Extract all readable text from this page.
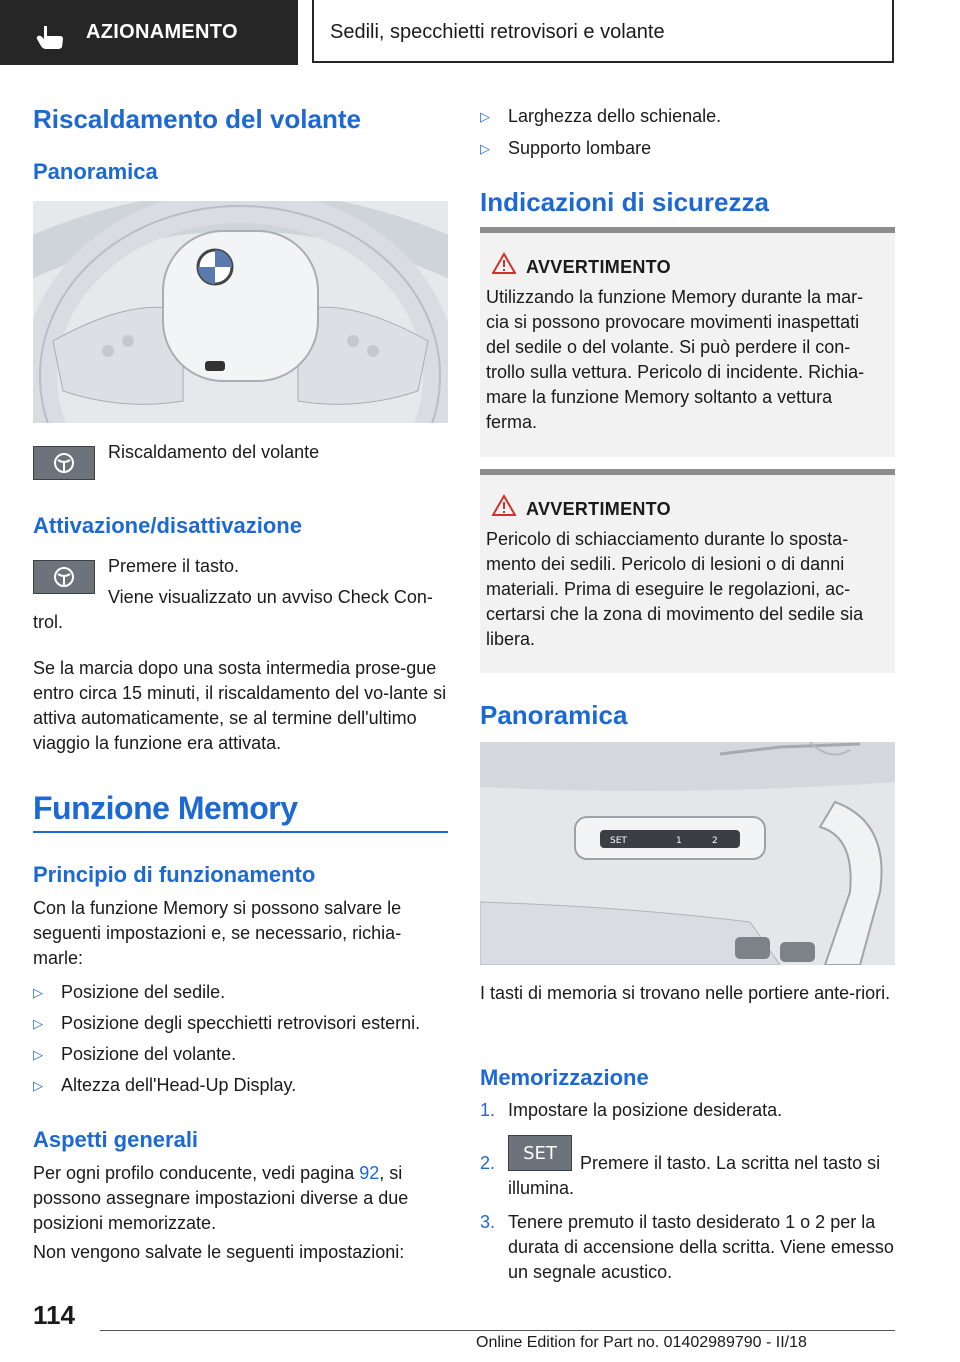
AZIONAMENTO	Sedili, specchietti retrovisori e volante
Riscaldamento del volante
Panoramica
Riscaldamento del volante
Attivazione/disattivazione
Premere il tasto.
Viene visualizzato un avviso Check Con-trol.
Se la marcia dopo una sosta intermedia prose-gue entro circa 15 minuti, il riscaldamento del vo-lante si attiva automaticamente, se al termine dell'ultimo viaggio la funzione era attivata.
Funzione Memory
Principio di funzionamento
Con la funzione Memory si possono salvare le seguenti impostazioni e, se necessario, richia-marle:
▷ Posizione del sedile.
▷ Posizione degli specchietti retrovisori esterni.
▷ Posizione del volante.
▷ Altezza dell'Head-Up Display.
Aspetti generali
Per ogni profilo conducente, vedi pagina 92, si possono assegnare impostazioni diverse a due posizioni memorizzate.
Non vengono salvate le seguenti impostazioni:
▷ Larghezza dello schienale.
▷ Supporto lombare
Indicazioni di sicurezza
AVVERTIMENTO
Utilizzando la funzione Memory durante la mar-cia si possono provocare movimenti inaspettati del sedile o del volante. Si può perdere il con-trollo sulla vettura. Pericolo di incidente. Richia-mare la funzione Memory soltanto a vettura ferma.
AVVERTIMENTO
Pericolo di schiacciamento durante lo sposta-mento dei sedili. Pericolo di lesioni o di danni materiali. Prima di eseguire le regolazioni, ac-certarsi che la zona di movimento del sedile sia libera.
Panoramica
SET	1	2
I tasti di memoria si trovano nelle portiere ante-riori.
Memorizzazione
1. Impostare la posizione desiderata.
2. SET	Premere il tasto. La scritta nel tasto si illumina.
3. Tenere premuto il tasto desiderato 1 o 2 per la durata di accensione della scritta. Viene emesso un segnale acustico.
114
Online Edition for Part no. 01402989790 - II/18
